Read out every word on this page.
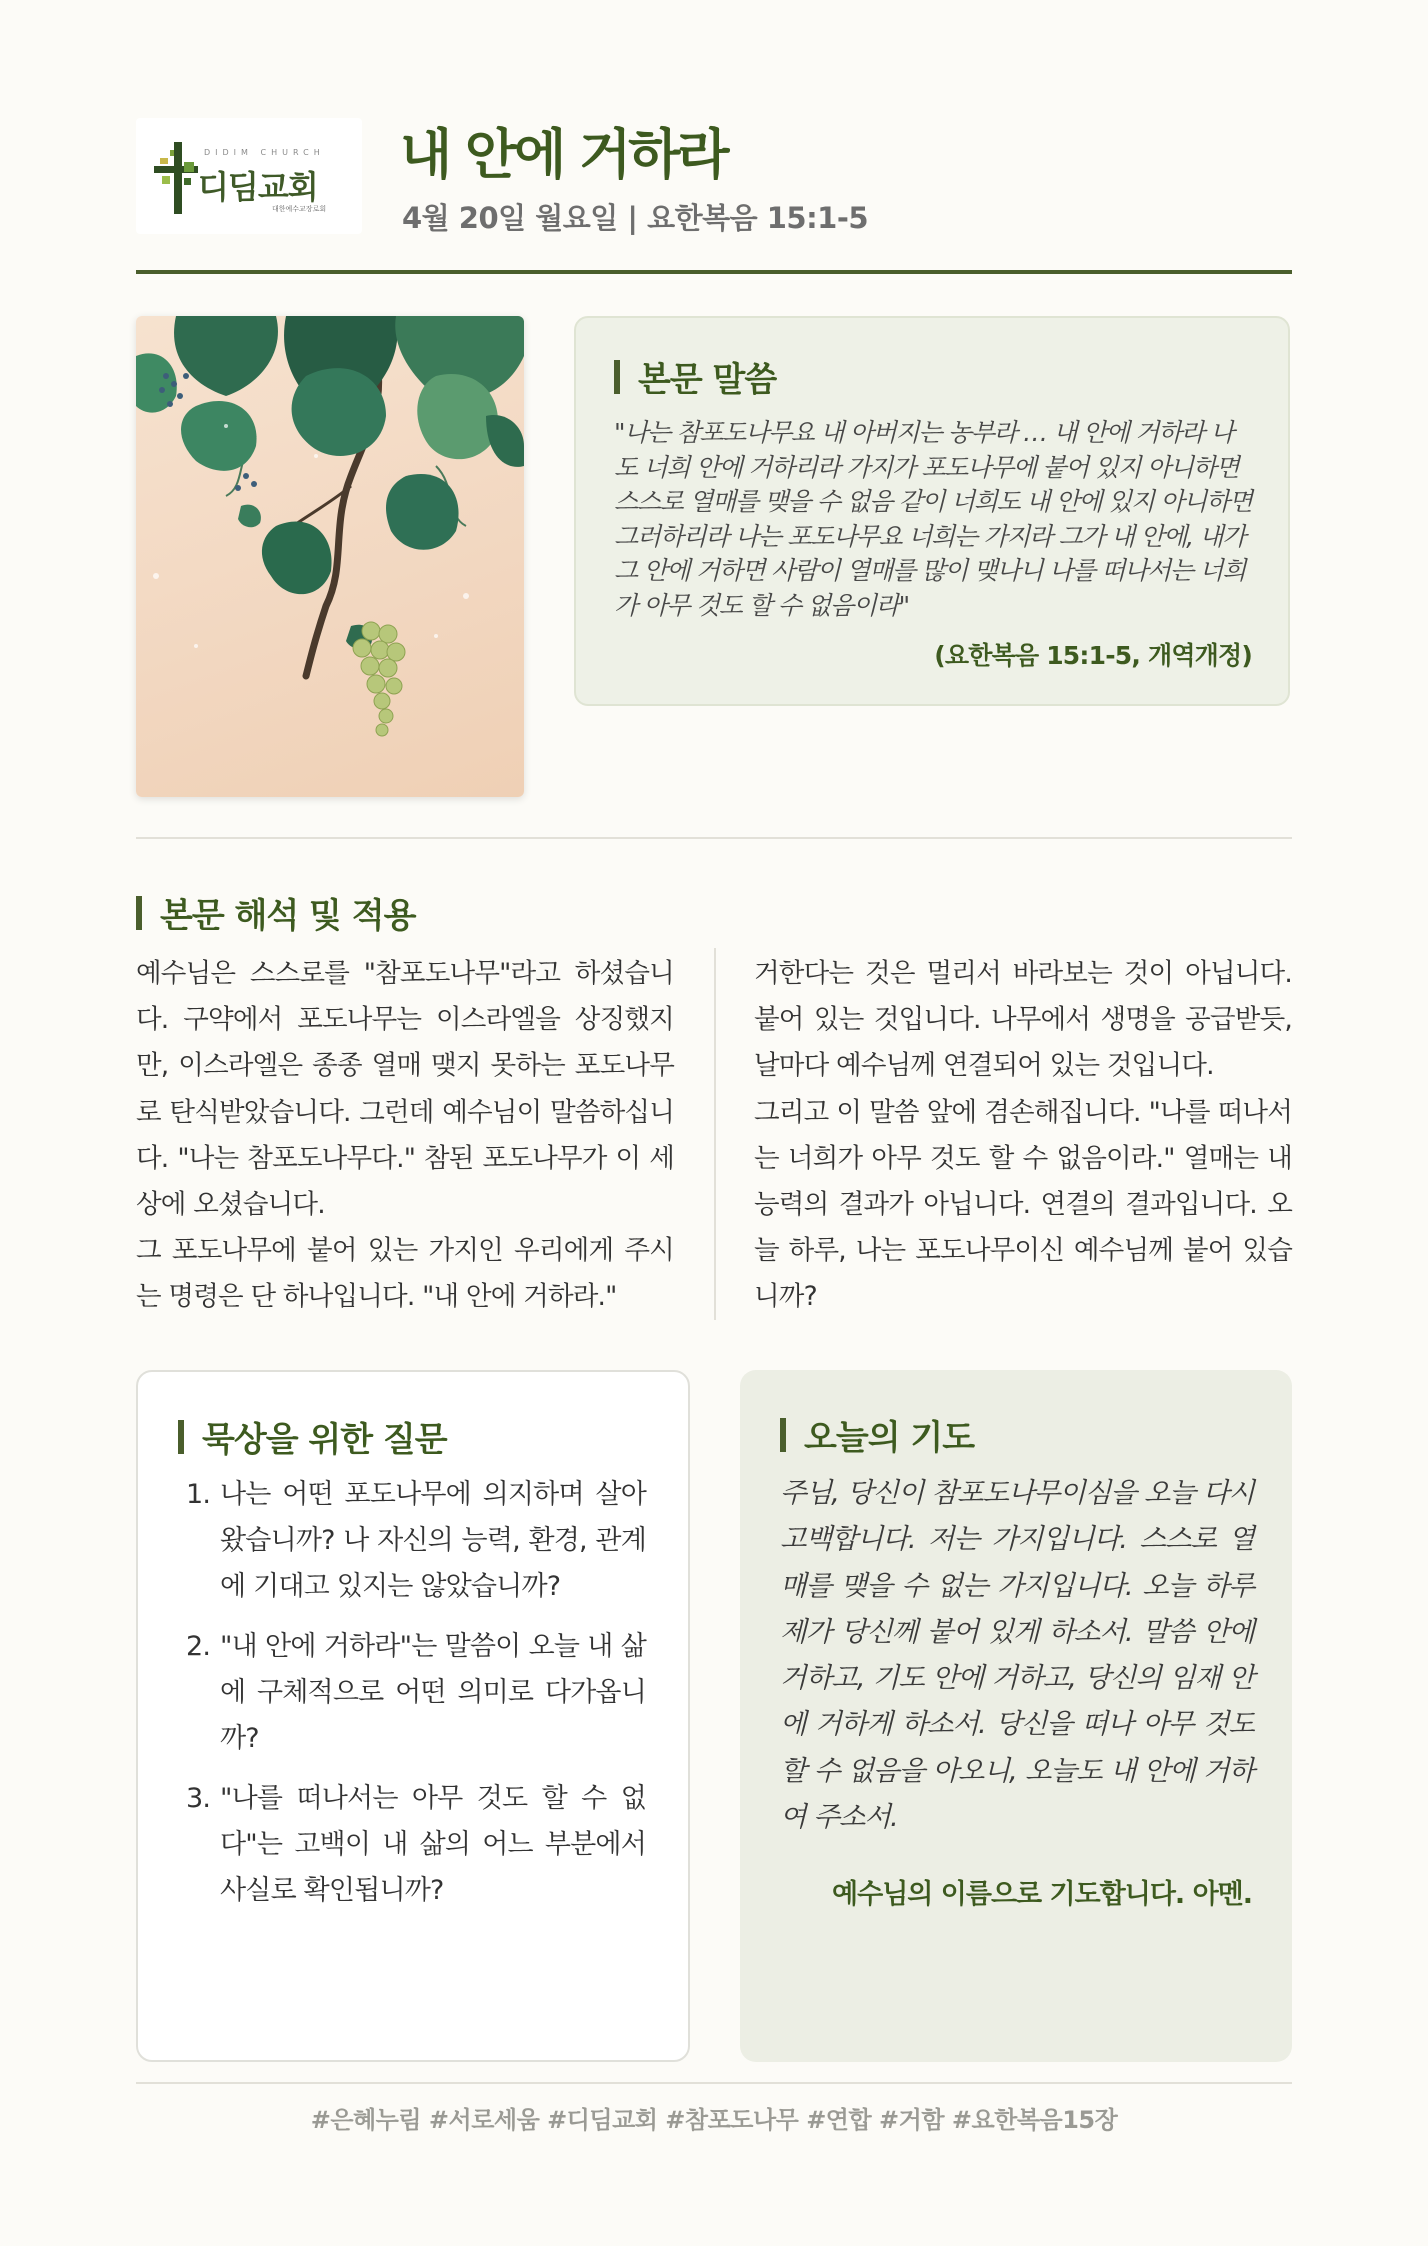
DIDIM CHURCH
디딤교회
대한예수교장로회
내 안에 거하라
4월 20일 월요일 | 요한복음 15:1-5
본문 말씀

"나는 참포도나무요 내 아버지는 농부라 … 내 안에 거하라 나도 너희 안에 거하리라 가지가 포도나무에 붙어 있지 아니하면 스스로 열매를 맺을 수 없음 같이 너희도 내 안에 있지 아니하면 그러하리라 나는 포도나무요 너희는 가지라 그가 내 안에, 내가 그 안에 거하면 사람이 열매를 많이 맺나니 나를 떠나서는 너희가 아무 것도 할 수 없음이라"

(요한복음 15:1-5, 개역개정)
본문 해석 및 적용

예수님은 스스로를 "참포도나무"라고 하셨습니다. 구약에서 포도나무는 이스라엘을 상징했지만, 이스라엘은 종종 열매 맺지 못하는 포도나무로 탄식받았습니다. 그런데 예수님이 말씀하십니다. "나는 참포도나무다." 참된 포도나무가 이 세상에 오셨습니다.

그 포도나무에 붙어 있는 가지인 우리에게 주시는 명령은 단 하나입니다. "내 안에 거하라."

거한다는 것은 멀리서 바라보는 것이 아닙니다. 붙어 있는 것입니다. 나무에서 생명을 공급받듯, 날마다 예수님께 연결되어 있는 것입니다.

그리고 이 말씀 앞에 겸손해집니다. "나를 떠나서는 너희가 아무 것도 할 수 없음이라." 열매는 내 능력의 결과가 아닙니다. 연결의 결과입니다. 오늘 하루, 나는 포도나무이신 예수님께 붙어 있습니까?

묵상을 위한 질문
1. 나는 어떤 포도나무에 의지하며 살아왔습니까? 나 자신의 능력, 환경, 관계에 기대고 있지는 않았습니까?
2. "내 안에 거하라"는 말씀이 오늘 내 삶에 구체적으로 어떤 의미로 다가옵니까?
3. "나를 떠나서는 아무 것도 할 수 없다"는 고백이 내 삶의 어느 부분에서 사실로 확인됩니까?
오늘의 기도

주님, 당신이 참포도나무이심을 오늘 다시 고백합니다. 저는 가지입니다. 스스로 열매를 맺을 수 없는 가지입니다. 오늘 하루 제가 당신께 붙어 있게 하소서. 말씀 안에 거하고, 기도 안에 거하고, 당신의 임재 안에 거하게 하소서. 당신을 떠나 아무 것도 할 수 없음을 아오니, 오늘도 내 안에 거하여 주소서.

예수님의 이름으로 기도합니다. 아멘.
#은혜누림 #서로세움 #디딤교회 #참포도나무 #연합 #거함 #요한복음15장
